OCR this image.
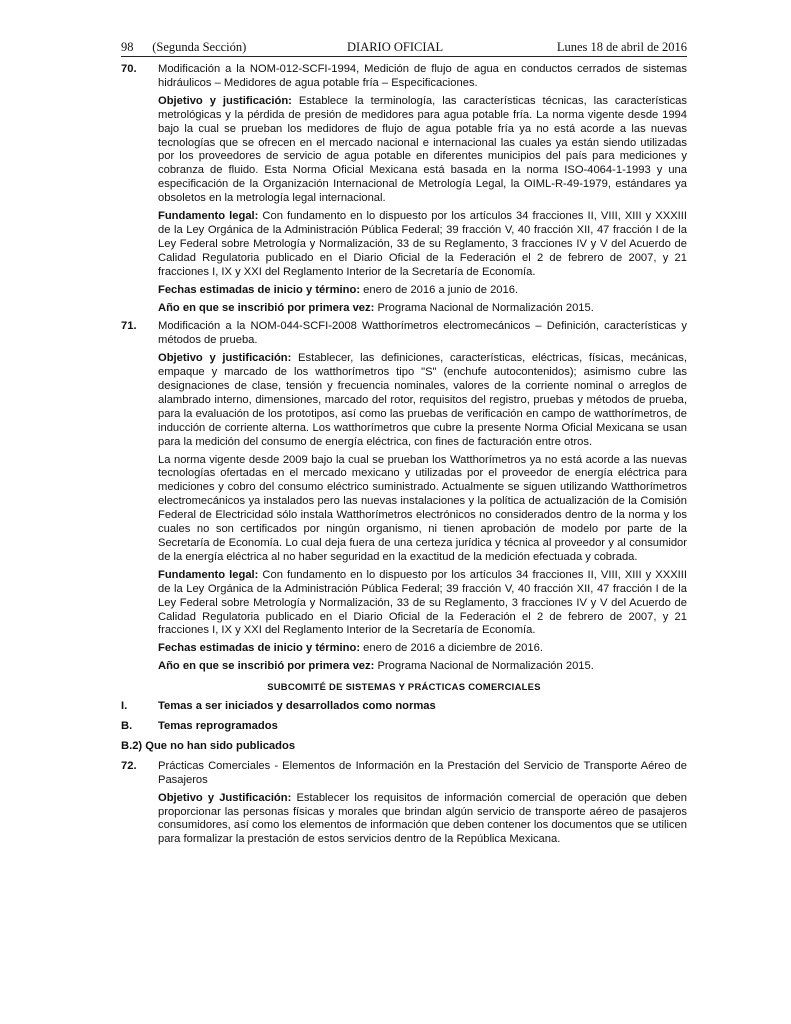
98      (Segunda Sección)	DIARIO OFICIAL	Lunes 18 de abril de 2016
70. Modificación a la NOM-012-SCFI-1994, Medición de flujo de agua en conductos cerrados de sistemas hidráulicos – Medidores de agua potable fría – Especificaciones.

Objetivo y justificación: Establece la terminología, las características técnicas, las características metrológicas y la pérdida de presión de medidores para agua potable fría. La norma vigente desde 1994 bajo la cual se prueban los medidores de flujo de agua potable fría ya no está acorde a las nuevas tecnologías que se ofrecen en el mercado nacional e internacional las cuales ya están siendo utilizadas por los proveedores de servicio de agua potable en diferentes municipios del país para mediciones y cobranza de fluido. Esta Norma Oficial Mexicana está basada en la norma ISO-4064-1-1993 y una especificación de la Organización Internacional de Metrología Legal, la OIML-R-49-1979, estándares ya obsoletos en la metrología legal internacional.

Fundamento legal: Con fundamento en lo dispuesto por los artículos 34 fracciones II, VIII, XIII y XXXIII de la Ley Orgánica de la Administración Pública Federal; 39 fracción V, 40 fracción XII, 47 fracción I de la Ley Federal sobre Metrología y Normalización, 33 de su Reglamento, 3 fracciones IV y V del Acuerdo de Calidad Regulatoria publicado en el Diario Oficial de la Federación el 2 de febrero de 2007, y 21 fracciones I, IX y XXI del Reglamento Interior de la Secretaría de Economía.

Fechas estimadas de inicio y término: enero de 2016 a junio de 2016.

Año en que se inscribió por primera vez: Programa Nacional de Normalización 2015.

71. Modificación a la NOM-044-SCFI-2008 Watthorímetros electromecánicos – Definición, características y métodos de prueba.

Objetivo y justificación: Establecer, las definiciones, características, eléctricas, físicas, mecánicas, empaque y marcado de los watthorímetros tipo "S" (enchufe autocontenidos); asimismo cubre las designaciones de clase, tensión y frecuencia nominales, valores de la corriente nominal o arreglos de alambrado interno, dimensiones, marcado del rotor, requisitos del registro, pruebas y métodos de prueba, para la evaluación de los prototipos, así como las pruebas de verificación en campo de watthorímetros, de inducción de corriente alterna. Los watthorímetros que cubre la presente Norma Oficial Mexicana se usan para la medición del consumo de energía eléctrica, con fines de facturación entre otros.

La norma vigente desde 2009 bajo la cual se prueban los Watthorímetros ya no está acorde a las nuevas tecnologías ofertadas en el mercado mexicano y utilizadas por el proveedor de energía eléctrica para mediciones y cobro del consumo eléctrico suministrado. Actualmente se siguen utilizando Watthorímetros electromecánicos ya instalados pero las nuevas instalaciones y la política de actualización de la Comisión Federal de Electricidad sólo instala Watthorímetros electrónicos no considerados dentro de la norma y los cuales no son certificados por ningún organismo, ni tienen aprobación de modelo por parte de la Secretaría de Economía. Lo cual deja fuera de una certeza jurídica y técnica al proveedor y al consumidor de la energía eléctrica al no haber seguridad en la exactitud de la medición efectuada y cobrada.

Fundamento legal: Con fundamento en lo dispuesto por los artículos 34 fracciones II, VIII, XIII y XXXIII de la Ley Orgánica de la Administración Pública Federal; 39 fracción V, 40 fracción XII, 47 fracción I de la Ley Federal sobre Metrología y Normalización, 33 de su Reglamento, 3 fracciones IV y V del Acuerdo de Calidad Regulatoria publicado en el Diario Oficial de la Federación el 2 de febrero de 2007, y 21 fracciones I, IX y XXI del Reglamento Interior de la Secretaría de Economía.

Fechas estimadas de inicio y término: enero de 2016 a diciembre de 2016.

Año en que se inscribió por primera vez: Programa Nacional de Normalización 2015.

SUBCOMITÉ DE SISTEMAS Y PRÁCTICAS COMERCIALES
I.	Temas a ser iniciados y desarrollados como normas
B. Temas reprogramados
B.2) Que no han sido publicados
72. Prácticas Comerciales - Elementos de Información en la Prestación del Servicio de Transporte Aéreo de Pasajeros

Objetivo y Justificación: Establecer los requisitos de información comercial de operación que deben proporcionar las personas físicas y morales que brindan algún servicio de transporte aéreo de pasajeros consumidores, así como los elementos de información que deben contener los documentos que se utilicen para formalizar la prestación de estos servicios dentro de la República Mexicana.
